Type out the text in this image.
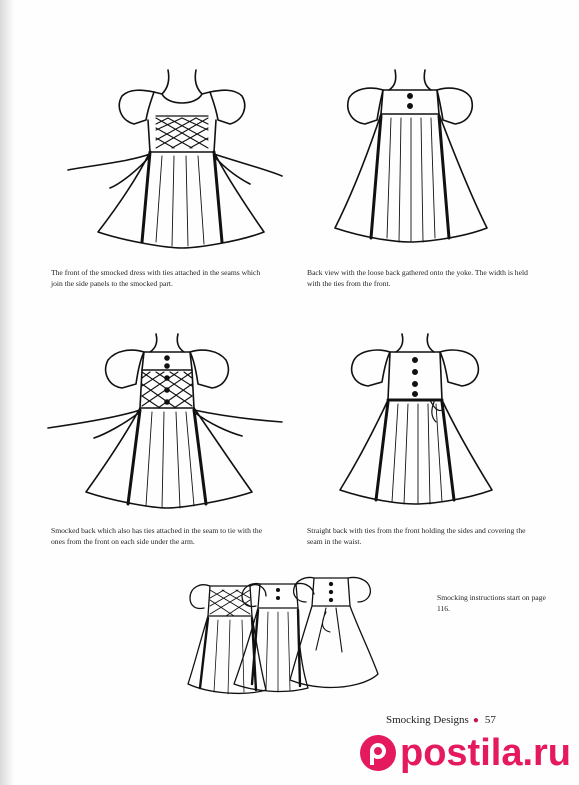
The front of the smocked dress with ties attached in the seams which join the side panels to the smocked part.
Back view with the loose back gathered onto the yoke. The width is held with the ties from the front.
Smocked back which also has ties attached in the seam to tie with the ones from the front on each side under the arm.
Straight back with ties from the front holding the sides and covering the seam in the waist.
Smocking instructions start on page 116.
Smocking Designs ● 57
postila.ru
